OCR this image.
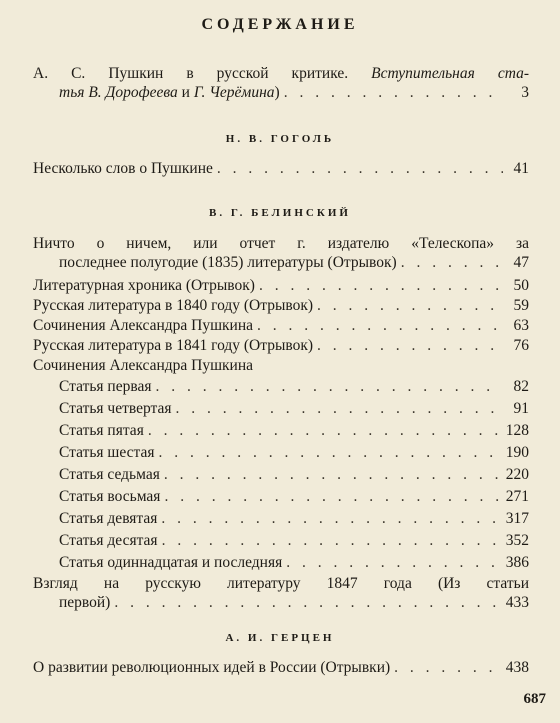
СОДЕРЖАНИЕ
А. С. Пушкин в русской критике. Вступительная ста-
тья В. Дорофеева и Г. Черёмина) . . .	3
Н. В. ГОГОЛЬ
Несколько слов о Пушкине . . .	41
В. Г. БЕЛИНСКИЙ
Ничто о ничем, или отчет г. издателю «Телескопа» за
последнее полугодие (1835) литературы (Отрывок) . . .	47
Литературная хроника (Отрывок) . . .	50
Русская литература в 1840 году (Отрывок) . . .	59
Сочинения Александра Пушкина . . .	63
Русская литература в 1841 году (Отрывок) . . .	76
Сочинения Александра Пушкина
Статья первая . . .	82
Статья четвертая . . .	91
Статья пятая . . .	128
Статья шестая . . .	190
Статья седьмая . . .	220
Статья восьмая . . .	271
Статья девятая . . .	317
Статья десятая . . .	352
Статья одиннадцатая и последняя . . .	386
Взгляд на русскую литературу 1847 года (Из статьи
первой) . . .	433
А. И. ГЕРЦЕН
О развитии революционных идей в России (Отрывки) . . .	438
687
